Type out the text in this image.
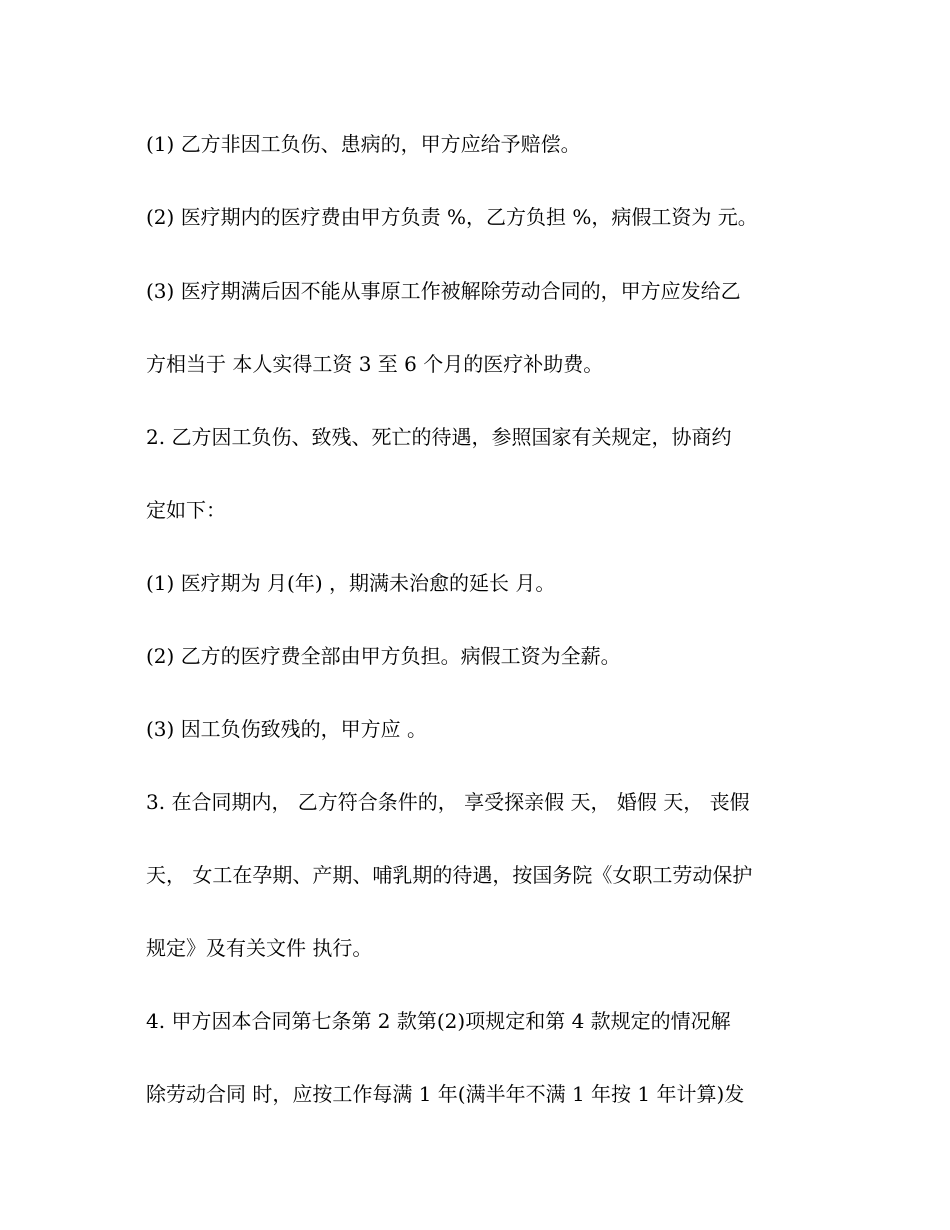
(1) 乙方非因工负伤、患病的，甲方应给予赔偿。
(2) 医疗期内的医疗费由甲方负责 %，乙方负担 %，病假工资为 元。
(3) 医疗期满后因不能从事原工作被解除劳动合同的，甲方应发给乙
方相当于 本人实得工资 3 至 6 个月的医疗补助费。
2. 乙方因工负伤、致残、死亡的待遇，参照国家有关规定，协商约
定如下：
(1) 医疗期为 月(年) ，期满未治愈的延长 月。
(2) 乙方的医疗费全部由甲方负担。病假工资为全薪。
(3) 因工负伤致残的，甲方应 。
3. 在合同期内， 乙方符合条件的， 享受探亲假 天， 婚假 天， 丧假
天， 女工在孕期、产期、哺乳期的待遇，按国务院《女职工劳动保护
规定》及有关文件 执行。
4. 甲方因本合同第七条第 2 款第(2)项规定和第 4 款规定的情况解
除劳动合同 时，应按工作每满 1 年(满半年不满 1 年按 1 年计算)发
